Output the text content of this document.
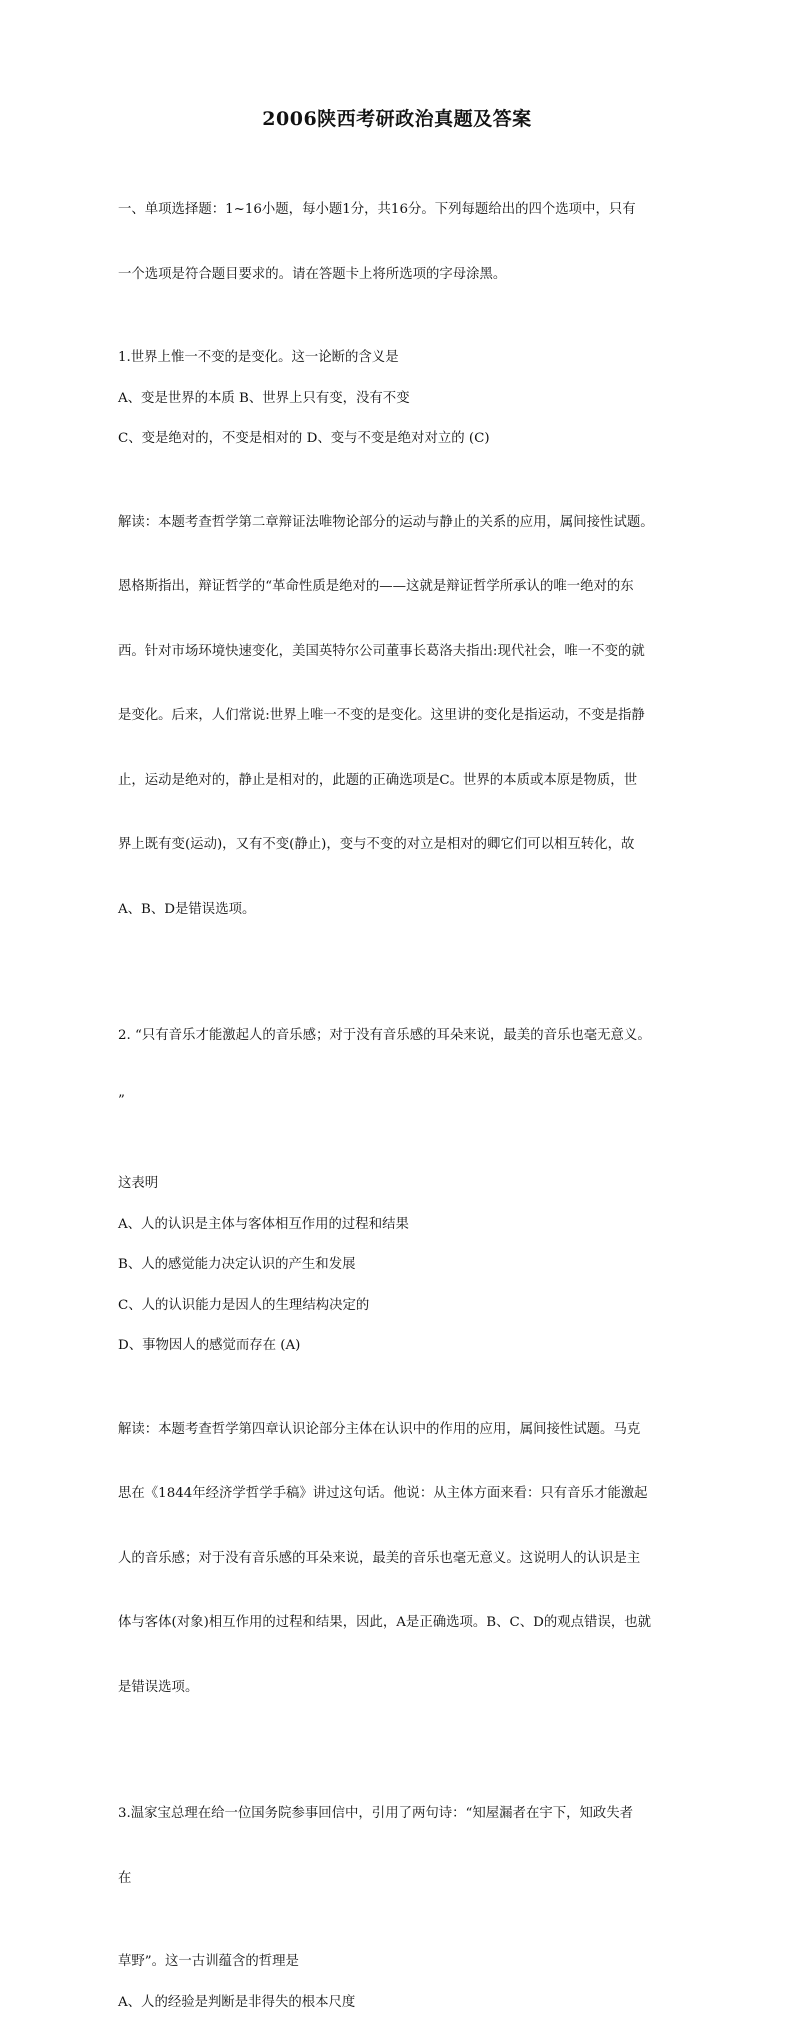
2006陕西考研政治真题及答案

一、单项选择题：1~16小题，每小题1分，共16分。下列每题给出的四个选项中，只有

一个选项是符合题目要求的。请在答题卡上将所选项的字母涂黑。

1.世界上惟一不变的是变化。这一论断的含义是
A、变是世界的本质 B、世界上只有变，没有不变
C、变是绝对的，不变是相对的 D、变与不变是绝对对立的 (C)

解读：本题考查哲学第二章辩证法唯物论部分的运动与静止的关系的应用，属间接性试题。

恩格斯指出，辩证哲学的“革命性质是绝对的——这就是辩证哲学所承认的唯一绝对的东

西。针对市场环境快速变化，美国英特尔公司董事长葛洛夫指出:现代社会，唯一不变的就

是变化。后来，人们常说:世界上唯一不变的是变化。这里讲的变化是指运动，不变是指静

止，运动是绝对的，静止是相对的，此题的正确选项是C。世界的本质或本原是物质，世

界上既有变(运动)，又有不变(静止)，变与不变的对立是相对的卿它们可以相互转化，故

A、B、D是错误选项。

2. “只有音乐才能激起人的音乐感；对于没有音乐感的耳朵来说，最美的音乐也毫无意义。

”

这表明
A、人的认识是主体与客体相互作用的过程和结果
B、人的感觉能力决定认识的产生和发展
C、人的认识能力是因人的生理结构决定的
D、事物因人的感觉而存在 (A)

解读：本题考查哲学第四章认识论部分主体在认识中的作用的应用，属间接性试题。马克

思在《1844年经济学哲学手稿》讲过这句话。他说：从主体方面来看：只有音乐才能激起

人的音乐感；对于没有音乐感的耳朵来说，最美的音乐也毫无意义。这说明人的认识是主

体与客体(对象)相互作用的过程和结果，因此，A是正确选项。B、C、D的观点错误，也就

是错误选项。

3.温家宝总理在给一位国务院参事回信中，引用了两句诗：“知屋漏者在宇下，知政失者

在

草野”。这一古训蕴含的哲理是
A、人的经验是判断是非得失的根本尺度
